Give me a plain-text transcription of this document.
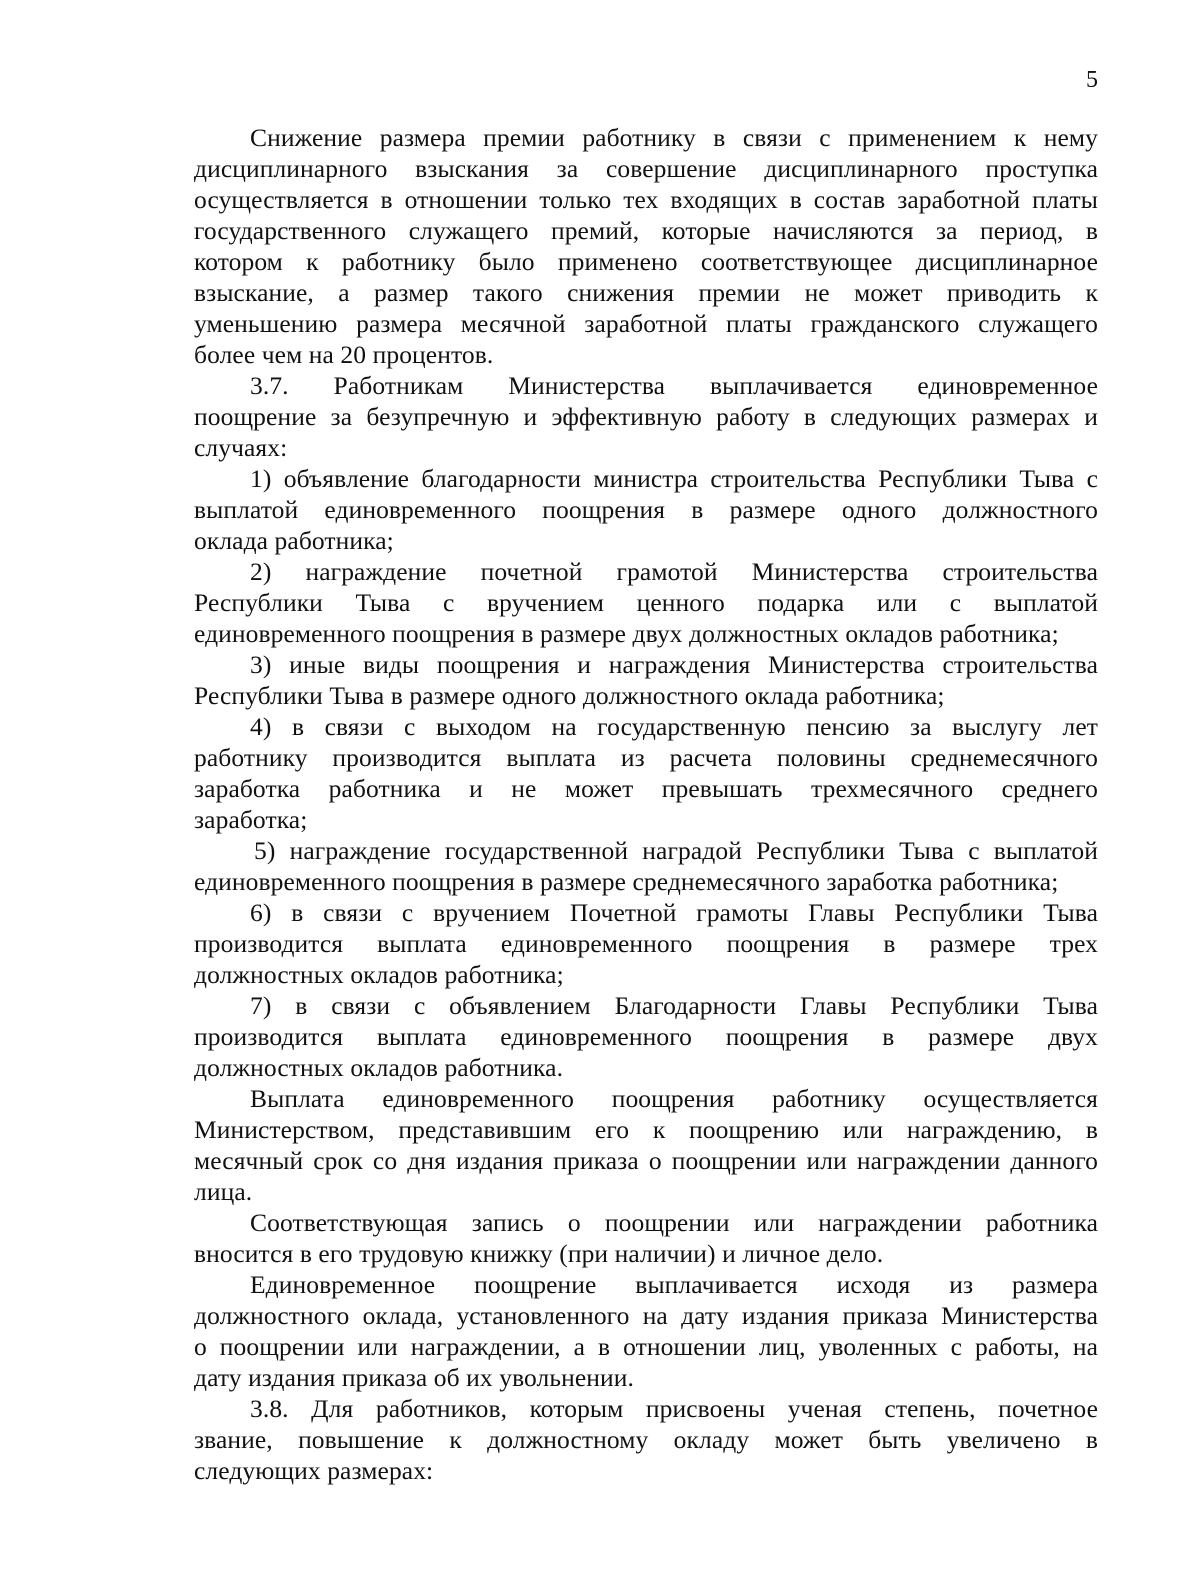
5
Снижение размера премии работнику в связи с применением к нему
дисциплинарного взыскания за совершение дисциплинарного проступка
осуществляется в отношении только тех входящих в состав заработной платы
государственного служащего премий, которые начисляются за период, в
котором к работнику было применено соответствующее дисциплинарное
взыскание, а размер такого снижения премии не может приводить к
уменьшению размера месячной заработной платы гражданского служащего
более чем на 20 процентов.
3.7. Работникам Министерства выплачивается единовременное
поощрение за безупречную и эффективную работу в следующих размерах и
случаях:
1) объявление благодарности министра строительства Республики Тыва с
выплатой единовременного поощрения в размере одного должностного
оклада работника;
2) награждение почетной грамотой Министерства строительства
Республики Тыва с вручением ценного подарка или с выплатой
единовременного поощрения в размере двух должностных окладов работника;
3) иные виды поощрения и награждения Министерства строительства
Республики Тыва в размере одного должностного оклада работника;
4) в связи с выходом на государственную пенсию за выслугу лет
работнику производится выплата из расчета половины среднемесячного
заработка работника и не может превышать трехмесячного среднего
заработка;
5) награждение государственной наградой Республики Тыва с выплатой
единовременного поощрения в размере среднемесячного заработка работника;
6) в связи с вручением Почетной грамоты Главы Республики Тыва
производится выплата единовременного поощрения в размере трех
должностных окладов работника;
7) в связи с объявлением Благодарности Главы Республики Тыва
производится выплата единовременного поощрения в размере двух
должностных окладов работника.
Выплата единовременного поощрения работнику осуществляется
Министерством, представившим его к поощрению или награждению, в
месячный срок со дня издания приказа о поощрении или награждении данного
лица.
Соответствующая запись о поощрении или награждении работника
вносится в его трудовую книжку (при наличии) и личное дело.
Единовременное поощрение выплачивается исходя из размера
должностного оклада, установленного на дату издания приказа Министерства
о поощрении или награждении, а в отношении лиц, уволенных с работы, на
дату издания приказа об их увольнении.
3.8. Для работников, которым присвоены ученая степень, почетное
звание, повышение к должностному окладу может быть увеличено в
следующих размерах:
